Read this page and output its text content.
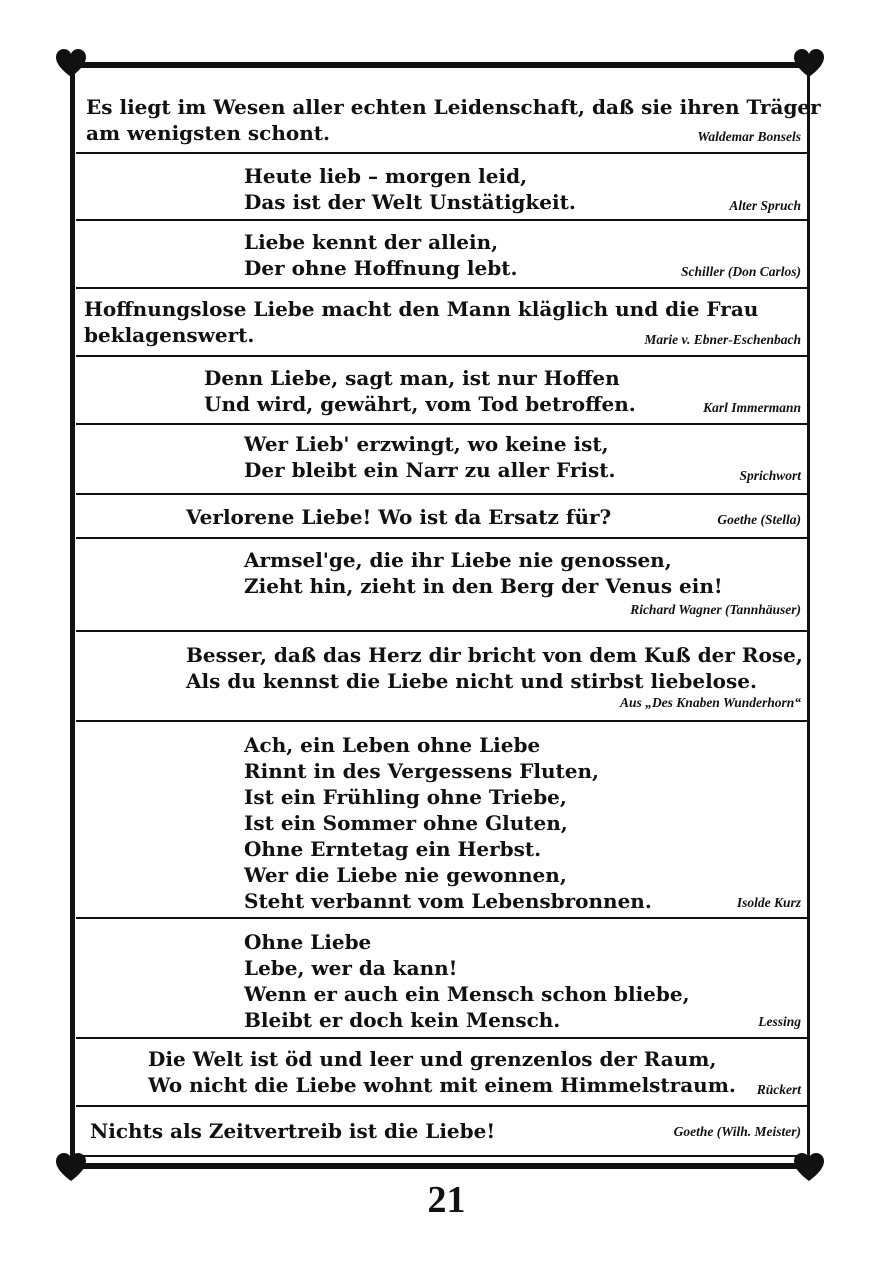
Es liegt im Wesen aller echten Leidenschaft, daß sie ihren Träger
am wenigsten schont.	Waldemar Bonsels
Heute lieb – morgen leid,
Das ist der Welt Unstätigkeit.	Alter Spruch
Liebe kennt der allein,
Der ohne Hoffnung lebt.	Schiller (Don Carlos)
Hoffnungslose Liebe macht den Mann kläglich und die Frau
beklagenswert.	Marie v. Ebner-Eschenbach
Denn Liebe, sagt man, ist nur Hoffen
Und wird, gewährt, vom Tod betroffen.	Karl Immermann
Wer Lieb' erzwingt, wo keine ist,
Der bleibt ein Narr zu aller Frist.	Sprichwort
Verlorene Liebe! Wo ist da Ersatz für?	Goethe (Stella)
Armsel'ge, die ihr Liebe nie genossen,
Zieht hin, zieht in den Berg der Venus ein!
Richard Wagner (Tannhäuser)
Besser, daß das Herz dir bricht von dem Kuß der Rose,
Als du kennst die Liebe nicht und stirbst liebelose.
Aus „Des Knaben Wunderhorn“
Ach, ein Leben ohne Liebe
Rinnt in des Vergessens Fluten,
Ist ein Frühling ohne Triebe,
Ist ein Sommer ohne Gluten,
Ohne Erntetag ein Herbst.
Wer die Liebe nie gewonnen,
Steht verbannt vom Lebensbronnen.	Isolde Kurz
Ohne Liebe
Lebe, wer da kann!
Wenn er auch ein Mensch schon bliebe,
Bleibt er doch kein Mensch.	Lessing
Die Welt ist öd und leer und grenzenlos der Raum,
Wo nicht die Liebe wohnt mit einem Himmelstraum. Rückert
Nichts als Zeitvertreib ist die Liebe!	Goethe (Wilh. Meister)
21
